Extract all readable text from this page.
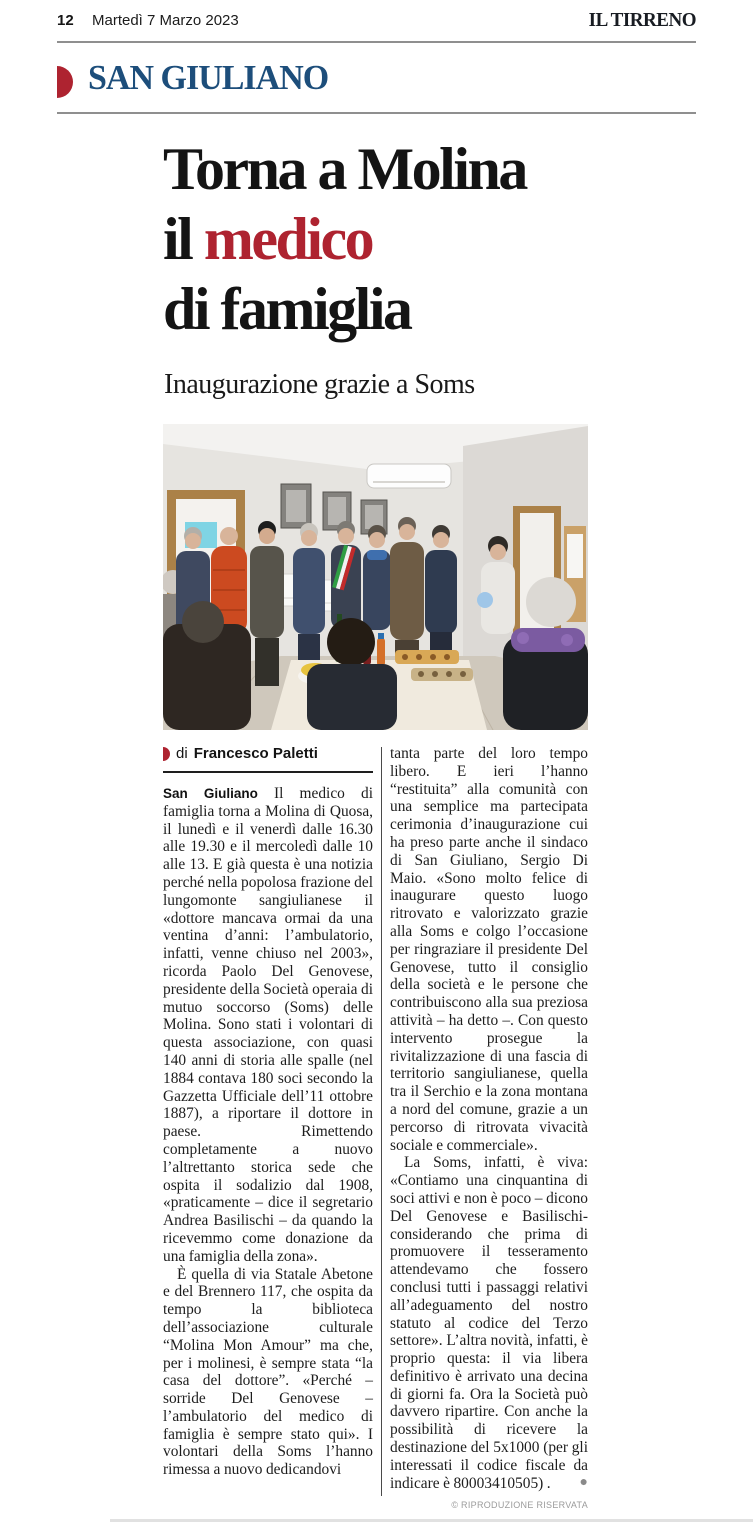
12 Martedì 7 Marzo 2023	IL TIRRENO
SAN GIULIANO
Torna a Molina
il medico
di famiglia
Inaugurazione grazie a Soms
di Francesco Paletti

San Giuliano Il medico di famiglia torna a Molina di Quosa, il lunedì e il venerdì dalle 16.30 alle 19.30 e il mercoledì dalle 10 alle 13. E già questa è una notizia perché nella popolosa frazione del lungomonte sangiulianese il «dottore mancava ormai da una ventina d’anni: l’ambulatorio, infatti, venne chiuso nel 2003», ricorda Paolo Del Genovese, presidente della Società operaia di mutuo soccorso (Soms) delle Molina. Sono stati i volontari di questa associazione, con quasi 140 anni di storia alle spalle (nel 1884 contava 180 soci secondo la Gazzetta Ufficiale dell’11 ottobre 1887), a riportare il dottore in paese. Rimettendo completamente a nuovo l’altrettanto storica sede che ospita il sodalizio dal 1908, «praticamente – dice il segretario Andrea Basilischi – da quando la ricevemmo come donazione da una famiglia della zona».

È quella di via Statale Abetone e del Brennero 117, che ospita da tempo la biblioteca dell’associazione culturale “Molina Mon Amour” ma che, per i molinesi, è sempre stata “la casa del dottore”. «Perché – sorride Del Genovese – l’ambulatorio del medico di famiglia è sempre stato qui». I volontari della Soms l’hanno rimessa a nuovo dedicandovi

tanta parte del loro tempo libero. E ieri l’hanno “restituita” alla comunità con una semplice ma partecipata cerimonia d’inaugurazione cui ha preso parte anche il sindaco di San Giuliano, Sergio Di Maio. «Sono molto felice di inaugurare questo luogo ritrovato e valorizzato grazie alla Soms e colgo l’occasione per ringraziare il presidente Del Genovese, tutto il consiglio della società e le persone che contribuiscono alla sua preziosa attività – ha detto –. Con questo intervento prosegue la rivitalizzazione di una fascia di territorio sangiulianese, quella tra il Serchio e la zona montana a nord del comune, grazie a un percorso di ritrovata vivacità sociale e commerciale».

La Soms, infatti, è viva: «Contiamo una cinquantina di soci attivi e non è poco – dicono Del Genovese e Basilischi- considerando che prima di promuovere il tesseramento attendevamo che fossero conclusi tutti i passaggi relativi all’adeguamento del nostro statuto al codice del Terzo settore». L’altra novità, infatti, è proprio questa: il via libera definitivo è arrivato una decina di giorni fa. Ora la Società può davvero ripartire. Con anche la possibilità di ricevere la destinazione del 5x1000 (per gli interessati il codice fiscale da indicare è 80003410505) .	●

© RIPRODUZIONE RISERVATA
